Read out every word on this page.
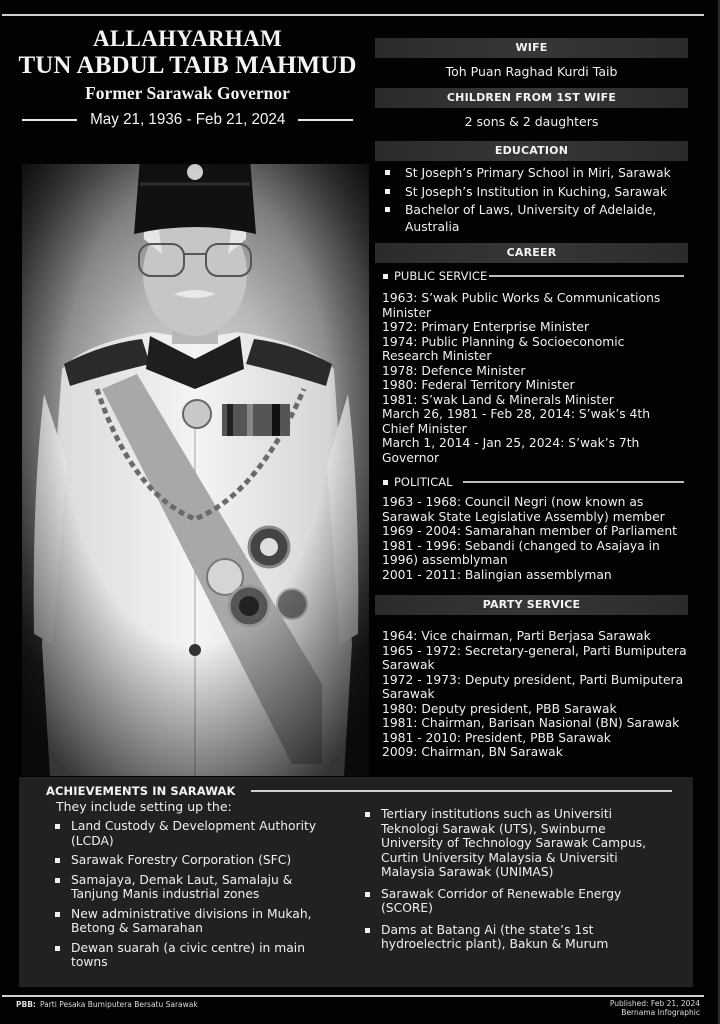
ALLAHYARHAM
TUN ABDUL TAIB MAHMUD
Former Sarawak Governor
May 21, 1936 - Feb 21, 2024
WIFE
Toh Puan Raghad Kurdi Taib
CHILDREN FROM 1ST WIFE
2 sons & 2 daughters
EDUCATION
St Joseph’s Primary School in Miri, Sarawak
St Joseph’s Institution in Kuching, Sarawak
Bachelor of Laws, University of Adelaide, Australia
CAREER
PUBLIC SERVICE
1963: S’wak Public Works & Communications
Minister
1972: Primary Enterprise Minister
1974: Public Planning & Socioeconomic
Research Minister
1978: Defence Minister
1980: Federal Territory Minister
1981: S’wak Land & Minerals Minister
March 26, 1981 - Feb 28, 2014: S’wak’s 4th
Chief Minister
March 1, 2014 - Jan 25, 2024: S’wak’s 7th
Governor
POLITICAL
1963 - 1968: Council Negri (now known as
Sarawak State Legislative Assembly) member
1969 - 2004: Samarahan member of Parliament
1981 - 1996: Sebandi (changed to Asajaya in
1996) assemblyman
2001 - 2011: Balingian assemblyman
PARTY SERVICE
1964: Vice chairman, Parti Berjasa Sarawak
1965 - 1972: Secretary-general, Parti Bumiputera
Sarawak
1972 - 1973: Deputy president, Parti Bumiputera
Sarawak
1980: Deputy president, PBB Sarawak
1981: Chairman, Barisan Nasional (BN) Sarawak
1981 - 2010: President, PBB Sarawak
2009: Chairman, BN Sarawak
ACHIEVEMENTS IN SARAWAK
They include setting up the:
Land Custody & Development Authority (LCDA)
Sarawak Forestry Corporation (SFC)
Samajaya, Demak Laut, Samalaju & Tanjung Manis industrial zones
New administrative divisions in Mukah, Betong & Samarahan
Dewan suarah (a civic centre) in main towns
Tertiary institutions such as Universiti Teknologi Sarawak (UTS), Swinburne University of Technology Sarawak Campus, Curtin University Malaysia & Universiti Malaysia Sarawak (UNIMAS)
Sarawak Corridor of Renewable Energy (SCORE)
Dams at Batang Ai (the state’s 1st hydroelectric plant), Bakun & Murum
PBB: Parti Pesaka Bumiputera Bersatu Sarawak	Published: Feb 21, 2024
Bernama Infographic
